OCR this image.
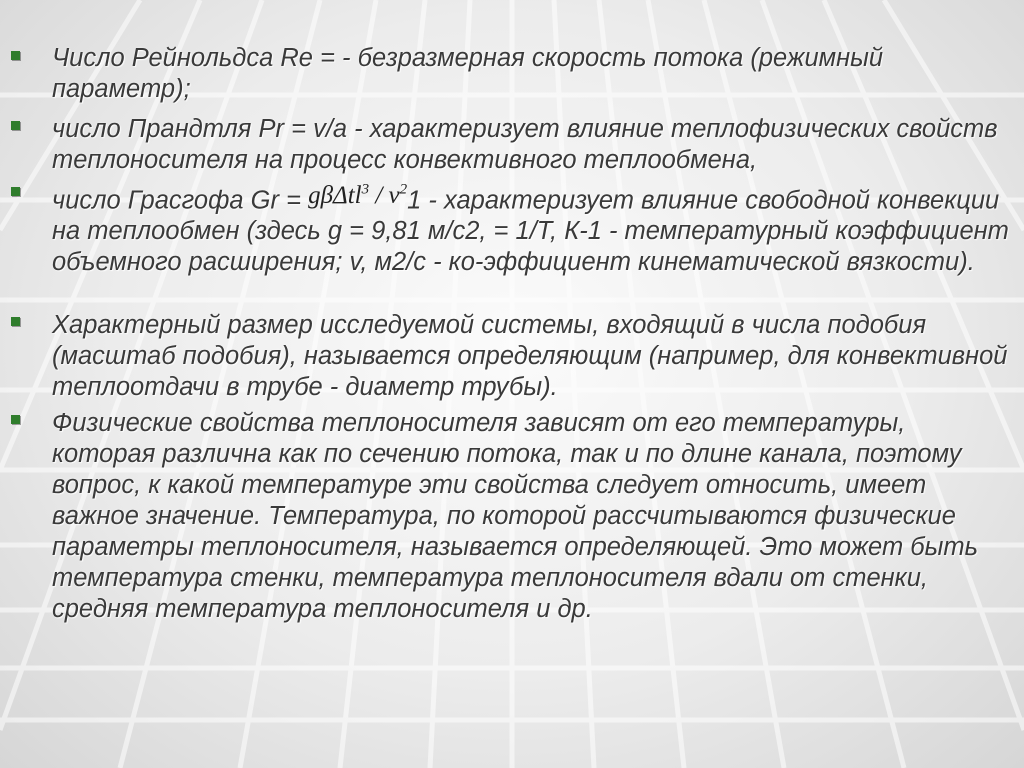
Число Рейнольдса Re = - безразмерная скорость потока (режимный параметр);

число Прандтля Pr = v/a - характеризует влияние теплофизических свойств теплоносителя на процесс конвективного теплообмена,

число Грасгофа $Gr = g\beta\Delta tl^3 / \nu^21$ - характеризует влияние свободной конвекции на теплообмен (здесь g = 9,81 м/с2, = 1/T, К-1 - температурный коэффициент объемного расширения; v, м2/с - ко-эффициент кинематической вязкости).

Характерный размер исследуемой системы, входящий в числа подобия (масштаб подобия), называется определяющим (например, для конвективной теплоотдачи в трубе - диаметр трубы).

Физические свойства теплоносителя зависят от его температуры, которая различна как по сечению потока, так и по длине канала, поэтому вопрос, к какой температуре эти свойства следует относить, имеет важное значение. Температура, по которой рассчитываются физические параметры теплоносителя, называется определяющей. Это может быть температура стенки, температура теплоносителя вдали от стенки, средняя температура теплоносителя и др.
